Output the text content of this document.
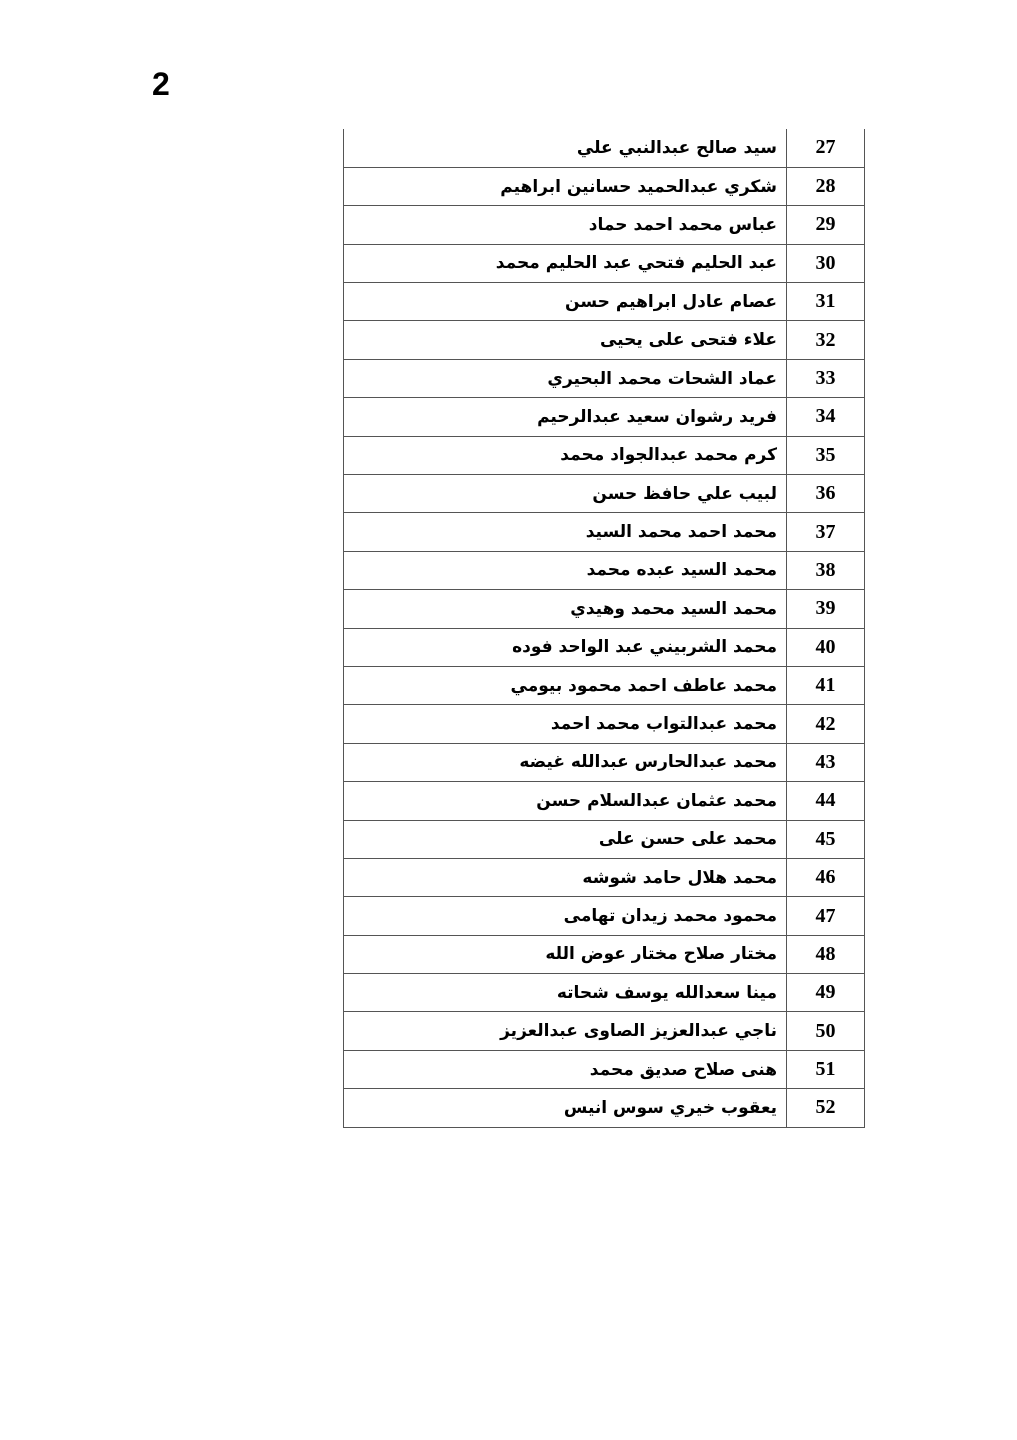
2
27	سيد صالح عبدالنبي علي
28	شكري عبدالحميد حسانين ابراهيم
29	عباس محمد احمد حماد
30	عبد الحليم فتحي عبد الحليم محمد
31	عصام عادل ابراهيم حسن
32	علاء فتحى على يحيى
33	عماد الشحات محمد البحيري
34	فريد رشوان سعيد عبدالرحيم
35	كرم محمد عبدالجواد محمد
36	لبيب علي حافظ حسن
37	محمد احمد محمد السيد
38	محمد السيد عبده محمد
39	محمد السيد محمد وهيدي
40	محمد الشربيني عبد الواحد فوده
41	محمد عاطف احمد محمود بيومي
42	محمد عبدالتواب محمد احمد
43	محمد عبدالحارس عبدالله غيضه
44	محمد عثمان عبدالسلام حسن
45	محمد على حسن على
46	محمد هلال حامد شوشه
47	محمود محمد زيدان تهامى
48	مختار صلاح مختار عوض الله
49	مينا سعدالله يوسف شحاته
50	ناجي عبدالعزيز الصاوى عبدالعزيز
51	هنى صلاح صديق محمد
52	يعقوب خيري سوس انيس
